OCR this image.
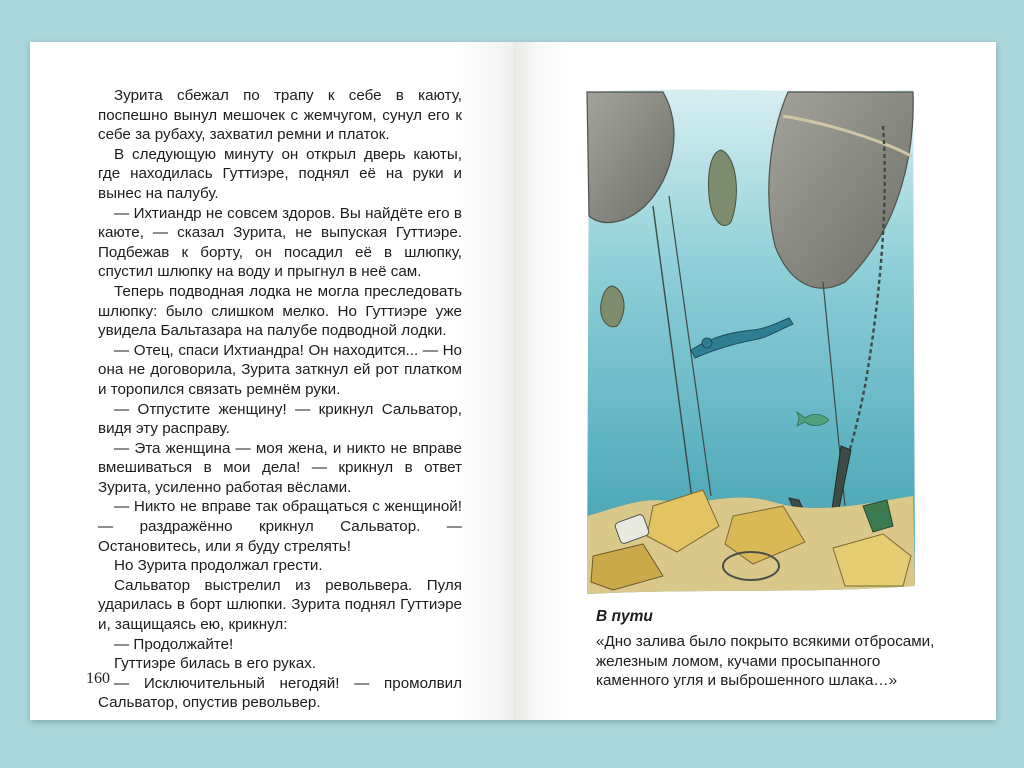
Зурита сбежал по трапу к себе в каюту, поспешно вынул мешочек с жемчугом, сунул его к себе за рубаху, захватил ремни и платок.

В следующую минуту он открыл дверь каюты, где находилась Гуттиэре, поднял её на руки и вынес на палубу.

— Ихтиандр не совсем здоров. Вы найдёте его в каюте, — сказал Зурита, не выпуская Гуттиэре. Подбежав к борту, он посадил её в шлюпку, спустил шлюпку на воду и прыгнул в неё сам.

Теперь подводная лодка не могла преследовать шлюпку: было слишком мелко. Но Гуттиэре уже увидела Бальтазара на палубе подводной лодки.

— Отец, спаси Ихтиандра! Он находится... — Но она не договорила, Зурита заткнул ей рот платком и торопился связать ремнём руки.

— Отпустите женщину! — крикнул Сальватор, видя эту расправу.

— Эта женщина — моя жена, и никто не вправе вмешиваться в мои дела! — крикнул в ответ Зурита, усиленно работая вёслами.

— Никто не вправе так обращаться с женщиной! — раздражённо крикнул Сальватор. — Остановитесь, или я буду стрелять!

Но Зурита продолжал грести.

Сальватор выстрелил из револьвера. Пуля ударилась в борт шлюпки. Зурита поднял Гуттиэре и, защищаясь ею, крикнул:

— Продолжайте!

Гуттиэре билась в его руках.

— Исключительный негодяй! — промолвил Сальватор, опустив револьвер.

160
В пути

«Дно залива было покрыто всякими отбросами, железным ломом, кучами просыпанного каменного угля и выброшенного шлака…»
